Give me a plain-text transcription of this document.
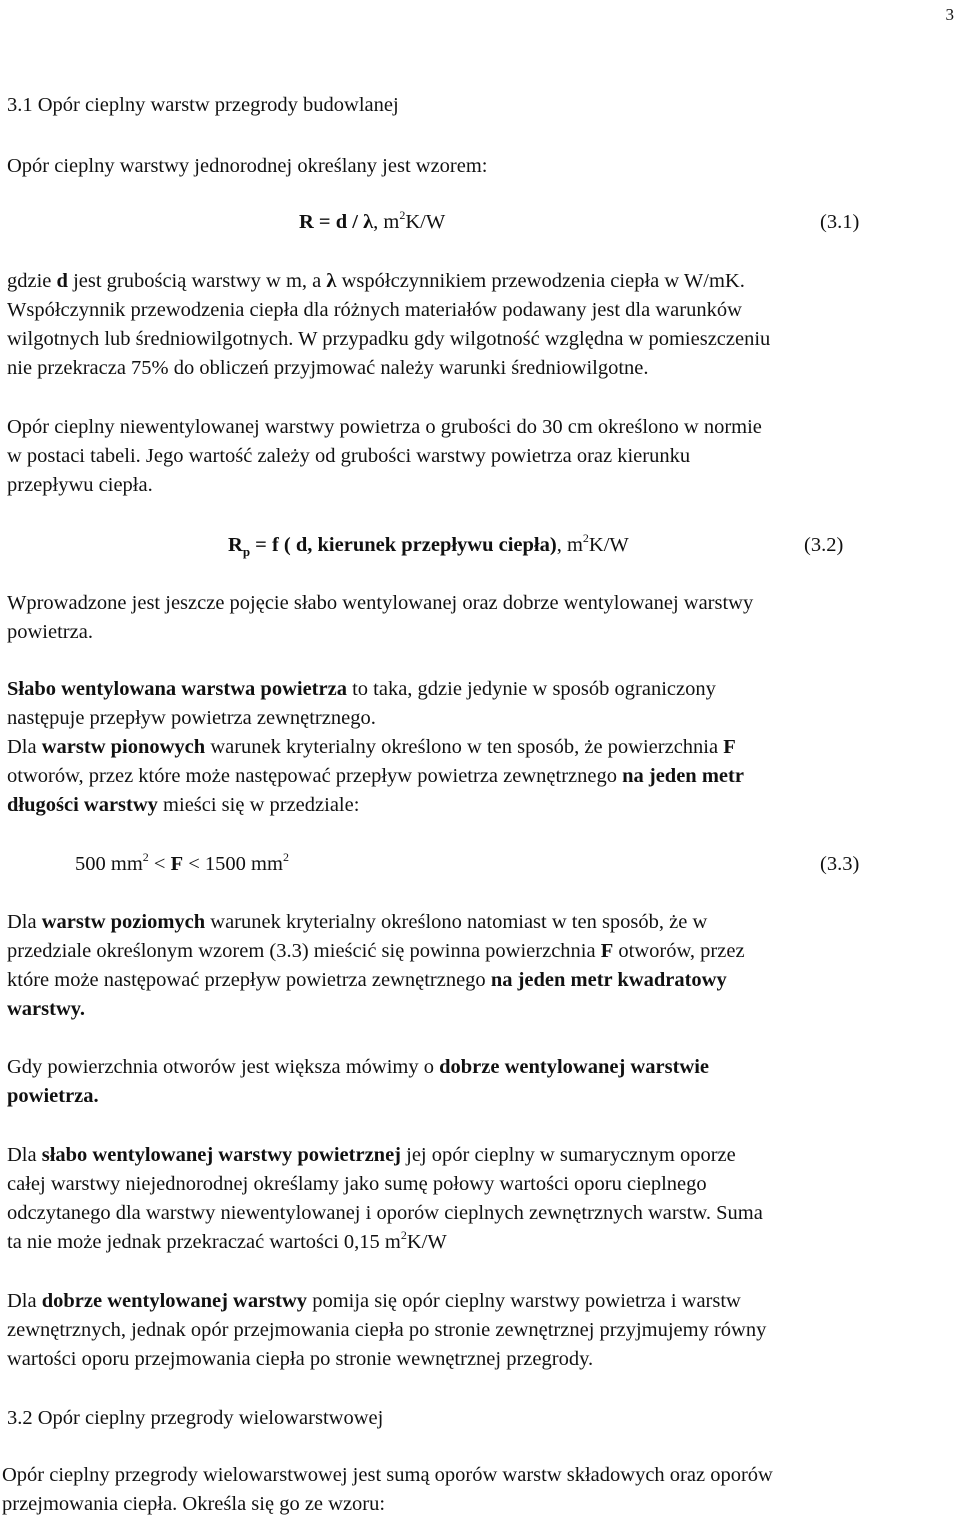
3
3.1 Opór cieplny warstw przegrody budowlanej
Opór cieplny warstwy jednorodnej określany jest wzorem:
R = d / λ, $m^2K/W$	(3.1)
gdzie d jest grubością warstwy w m, a λ współczynnikiem przewodzenia ciepła w W/mK.
Współczynnik przewodzenia ciepła dla różnych materiałów podawany jest dla warunków
wilgotnych lub średniowilgotnych. W przypadku gdy wilgotność względna w pomieszczeniu
nie przekracza 75% do obliczeń przyjmować należy warunki średniowilgotne.
Opór cieplny niewentylowanej warstwy powietrza o grubości do 30 cm określono w normie
w postaci tabeli. Jego wartość zależy od grubości warstwy powietrza oraz kierunku
przepływu ciepła.
$R_p = f$ ( d, kierunek przepływu ciepła), $m^2K/W$	(3.2)
Wprowadzone jest jeszcze pojęcie słabo wentylowanej oraz dobrze wentylowanej warstwy
powietrza.
Słabo wentylowana warstwa powietrza to taka, gdzie jedynie w sposób ograniczony
następuje przepływ powietrza zewnętrznego.
Dla warstw pionowych warunek kryterialny określono w ten sposób, że powierzchnia F
otworów, przez które może następować przepływ powietrza zewnętrznego na jeden metr
długości warstwy mieści się w przedziale:
500 $mm^2 < F < 1500$ $mm^2$	(3.3)
Dla warstw poziomych warunek kryterialny określono natomiast w ten sposób, że w
przedziale określonym wzorem (3.3) mieścić się powinna powierzchnia F otworów, przez
które może następować przepływ powietrza zewnętrznego na jeden metr kwadratowy
warstwy.
Gdy powierzchnia otworów jest większa mówimy o dobrze wentylowanej warstwie
powietrza.
Dla słabo wentylowanej warstwy powietrznej jej opór cieplny w sumarycznym oporze
całej warstwy niejednorodnej określamy jako sumę połowy wartości oporu cieplnego
odczytanego dla warstwy niewentylowanej i oporów cieplnych zewnętrznych warstw. Suma
ta nie może jednak przekraczać wartości 0,15 $m^2K/W$
Dla dobrze wentylowanej warstwy pomija się opór cieplny warstwy powietrza i warstw
zewnętrznych, jednak opór przejmowania ciepła po stronie zewnętrznej przyjmujemy równy
wartości oporu przejmowania ciepła po stronie wewnętrznej przegrody.
3.2 Opór cieplny przegrody wielowarstwowej
Opór cieplny przegrody wielowarstwowej jest sumą oporów warstw składowych oraz oporów
przejmowania ciepła. Określa się go ze wzoru:
